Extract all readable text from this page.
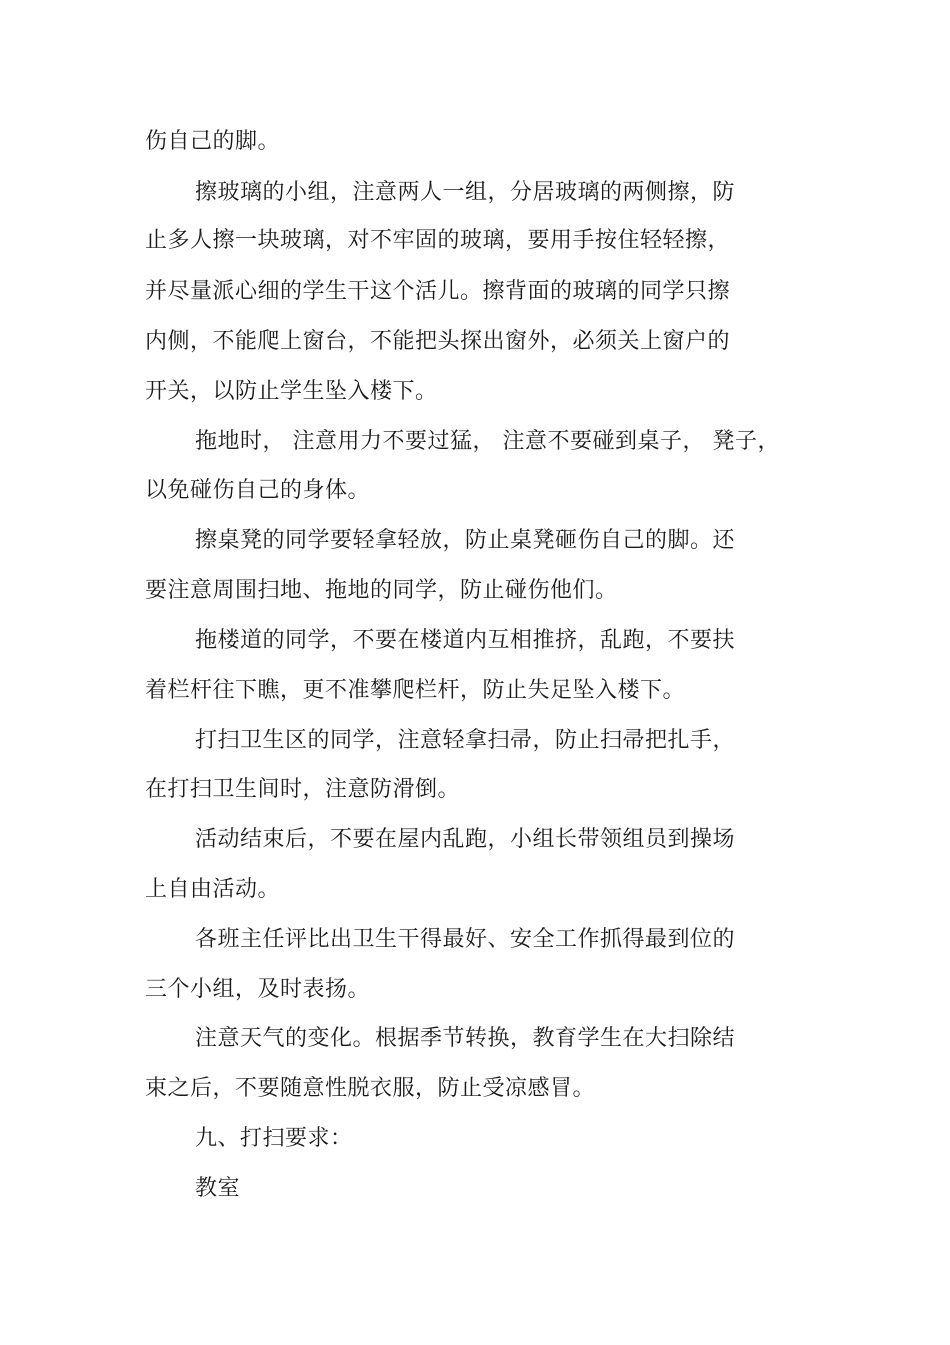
伤自己的脚。
擦玻璃的小组，注意两人一组，分居玻璃的两侧擦，防
止多人擦一块玻璃，对不牢固的玻璃，要用手按住轻轻擦，
并尽量派心细的学生干这个活儿。擦背面的玻璃的同学只擦
内侧，不能爬上窗台，不能把头探出窗外，必须关上窗户的
开关，以防止学生坠入楼下。
拖地时， 注意用力不要过猛， 注意不要碰到桌子， 凳子，
以免碰伤自己的身体。
擦桌凳的同学要轻拿轻放，防止桌凳砸伤自己的脚。还
要注意周围扫地、拖地的同学，防止碰伤他们。
拖楼道的同学，不要在楼道内互相推挤，乱跑，不要扶
着栏杆往下瞧，更不准攀爬栏杆，防止失足坠入楼下。
打扫卫生区的同学，注意轻拿扫帚，防止扫帚把扎手，
在打扫卫生间时，注意防滑倒。
活动结束后，不要在屋内乱跑，小组长带领组员到操场
上自由活动。
各班主任评比出卫生干得最好、安全工作抓得最到位的
三个小组，及时表扬。
注意天气的变化。根据季节转换，教育学生在大扫除结
束之后，不要随意性脱衣服，防止受凉感冒。
九、打扫要求：
教室
